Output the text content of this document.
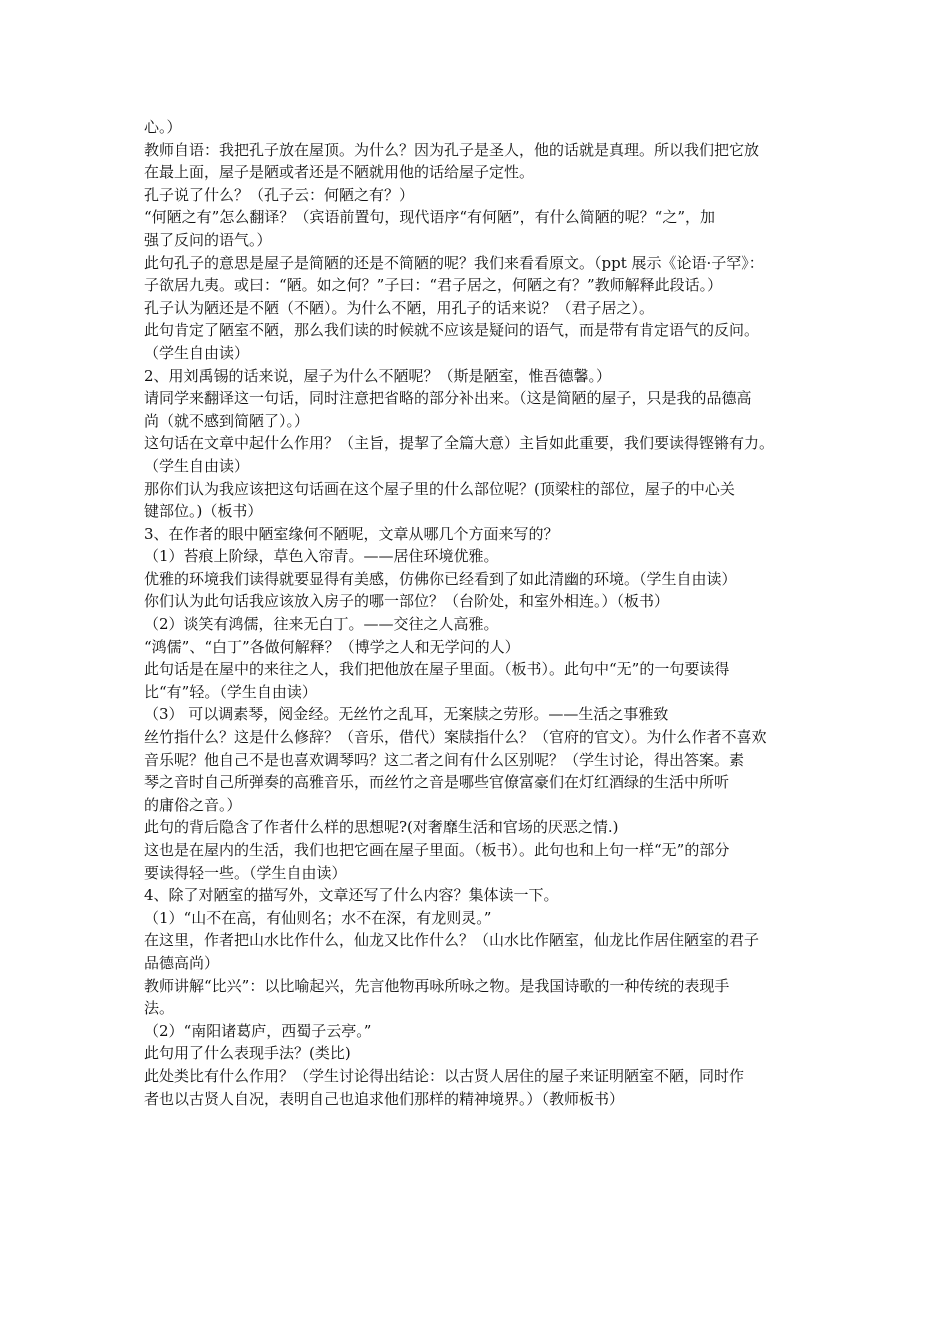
心。）
教师自语：我把孔子放在屋顶。为什么？因为孔子是圣人，他的话就是真理。所以我们把它放
在最上面，屋子是陋或者还是不陋就用他的话给屋子定性。
孔子说了什么？（孔子云：何陋之有？）
“何陋之有”怎么翻译？（宾语前置句，现代语序“有何陋”，有什么简陋的呢？“之”，加
强了反问的语气。）
此句孔子的意思是屋子是简陋的还是不简陋的呢？我们来看看原文。（ppt 展示《论语·子罕》：
子欲居九夷。或曰：“陋。如之何？”子曰：“君子居之，何陋之有？”教师解释此段话。）
孔子认为陋还是不陋（不陋）。为什么不陋，用孔子的话来说？（君子居之）。
此句肯定了陋室不陋，那么我们读的时候就不应该是疑问的语气，而是带有肯定语气的反问。
（学生自由读）
2、用刘禹锡的话来说，屋子为什么不陋呢？（斯是陋室，惟吾德馨。）
请同学来翻译这一句话，同时注意把省略的部分补出来。（这是简陋的屋子，只是我的品德高
尚（就不感到简陋了）。）
这句话在文章中起什么作用？（主旨，提挈了全篇大意）主旨如此重要，我们要读得铿锵有力。
（学生自由读）
那你们认为我应该把这句话画在这个屋子里的什么部位呢？(顶梁柱的部位，屋子的中心关
键部位。)（板书）
3、在作者的眼中陋室缘何不陋呢，文章从哪几个方面来写的？
（1）苔痕上阶绿，草色入帘青。——居住环境优雅。
优雅的环境我们读得就要显得有美感，仿佛你已经看到了如此清幽的环境。（学生自由读）
你们认为此句话我应该放入房子的哪一部位？（台阶处，和室外相连。）（板书）
（2）谈笑有鸿儒，往来无白丁。——交往之人高雅。
“鸿儒”、“白丁”各做何解释？（博学之人和无学问的人）
此句话是在屋中的来往之人，我们把他放在屋子里面。（板书）。此句中“无”的一句要读得
比“有”轻。（学生自由读）
（3） 可以调素琴，阅金经。无丝竹之乱耳，无案牍之劳形。——生活之事雅致
丝竹指什么？这是什么修辞？（音乐，借代）案牍指什么？（官府的官文）。为什么作者不喜欢
音乐呢？他自己不是也喜欢调琴吗？这二者之间有什么区别呢？（学生讨论，得出答案。素
琴之音时自己所弹奏的高雅音乐，而丝竹之音是哪些官僚富豪们在灯红酒绿的生活中所听
的庸俗之音。）
此句的背后隐含了作者什么样的思想呢?(对奢靡生活和官场的厌恶之情.)
这也是在屋内的生活，我们也把它画在屋子里面。（板书）。此句也和上句一样“无”的部分
要读得轻一些。（学生自由读）
4、除了对陋室的描写外，文章还写了什么内容？集体读一下。
（1）“山不在高，有仙则名；水不在深，有龙则灵。”
在这里，作者把山水比作什么，仙龙又比作什么？（山水比作陋室，仙龙比作居住陋室的君子
品德高尚）
教师讲解“比兴”：以比喻起兴，先言他物再咏所咏之物。是我国诗歌的一种传统的表现手
法。
（2）“南阳诸葛庐，西蜀子云亭。”
此句用了什么表现手法？(类比)
此处类比有什么作用？（学生讨论得出结论：以古贤人居住的屋子来证明陋室不陋，同时作
者也以古贤人自况，表明自己也追求他们那样的精神境界。）（教师板书）
